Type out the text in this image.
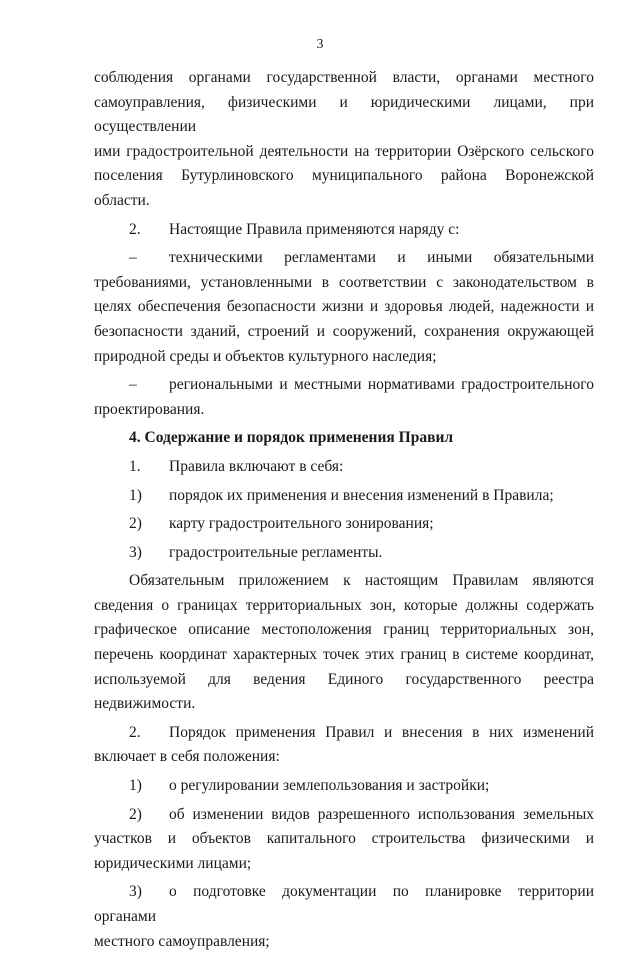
3

соблюдения органами государственной власти, органами местного

самоуправления, физическими и юридическими лицами, при осуществлении

ими градостроительной деятельности на территории Озёрского сельского

поселения Бутурлиновского муниципального района Воронежской области.

2. Настоящие Правила применяются наряду с:

– техническими регламентами и иными обязательными

требованиями, установленными в соответствии с законодательством в целях обеспечения безопасности жизни и здоровья людей, надежности и безопасности зданий, строений и сооружений, сохранения окружающей природной среды и объектов культурного наследия;

– региональными и местными нормативами градостроительного

проектирования.

4. Содержание и порядок применения Правил

1. Правила включают в себя:

1) порядок их применения и внесения изменений в Правила;

2) карту градостроительного зонирования;

3) градостроительные регламенты.

Обязательным приложением к настоящим Правилам являются сведения о границах территориальных зон, которые должны содержать графическое описание местоположения границ территориальных зон, перечень координат характерных точек этих границ в системе координат, используемой для ведения Единого государственного реестра недвижимости.

2. Порядок применения Правил и внесения в них изменений

включает в себя положения:

1) о регулировании землепользования и застройки;

2) об изменении видов разрешенного использования земельных

участков и объектов капитального строительства физическими и юридическими лицами;

3) о подготовке документации по планировке территории органами

местного самоуправления;
